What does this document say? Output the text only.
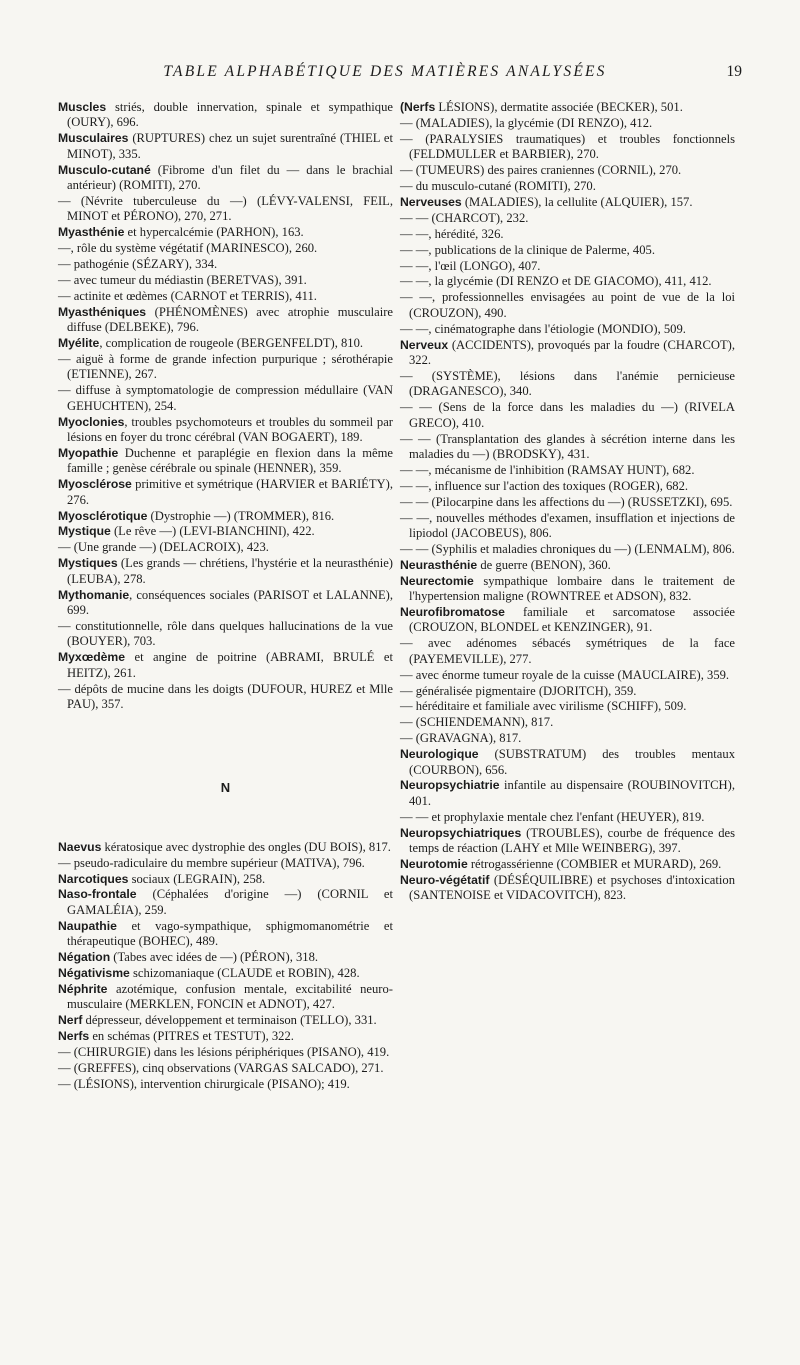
TABLE ALPHABÉTIQUE DES MATIÈRES ANALYSÉES	19

Muscles striés, double innervation, spinale et sympathique (OURY), 696.

Musculaires (RUPTURES) chez un sujet surentraîné (THIEL et MINOT), 335.

Musculo-cutané (Fibrome d'un filet du — dans le brachial antérieur) (ROMITI), 270.

— (Névrite tuberculeuse du —) (LÉVY-VALENSI, FEIL, MINOT et PÉRONO), 270, 271.

Myasthénie et hypercalcémie (PARHON), 163.

—, rôle du système végétatif (MARINESCO), 260.

— pathogénie (SÉZARY), 334.

— avec tumeur du médiastin (BERETVAS), 391.

— actinite et œdèmes (CARNOT et TERRIS), 411.

Myasthéniques (PHÉNOMÈNES) avec atrophie musculaire diffuse (DELBEKE), 796.

Myélite, complication de rougeole (BERGENFELDT), 810.

— aiguë à forme de grande infection purpurique ; sérothérapie (ETIENNE), 267.

— diffuse à symptomatologie de compression médullaire (VAN GEHUCHTEN), 254.

Myoclonies, troubles psychomoteurs et troubles du sommeil par lésions en foyer du tronc cérébral (VAN BOGAERT), 189.

Myopathie Duchenne et paraplégie en flexion dans la même famille ; genèse cérébrale ou spinale (HENNER), 359.

Myosclérose primitive et symétrique (HARVIER et BARIÉTY), 276.

Myosclérotique (Dystrophie —) (TROMMER), 816.

Mystique (Le rêve —) (LEVI-BIANCHINI), 422.

— (Une grande —) (DELACROIX), 423.

Mystiques (Les grands — chrétiens, l'hystérie et la neurasthénie) (LEUBA), 278.

Mythomanie, conséquences sociales (PARISOT et LALANNE), 699.

— constitutionnelle, rôle dans quelques hallucinations de la vue (BOUYER), 703.

Myxœdème et angine de poitrine (ABRAMI, BRULÉ et HEITZ), 261.

— dépôts de mucine dans les doigts (DUFOUR, HUREZ et Mlle PAU), 357.

N

Naevus kératosique avec dystrophie des ongles (DU BOIS), 817.

— pseudo-radiculaire du membre supérieur (MATIVA), 796.

Narcotiques sociaux (LEGRAIN), 258.

Naso-frontale (Céphalées d'origine —) (CORNIL et GAMALÉIA), 259.

Naupathie et vago-sympathique, sphigmomanométrie et thérapeutique (BOHEC), 489.

Négation (Tabes avec idées de —) (PÉRON), 318.

Négativisme schizomaniaque (CLAUDE et ROBIN), 428.

Néphrite azotémique, confusion mentale, excitabilité neuro-musculaire (MERKLEN, FONCIN et ADNOT), 427.

Nerf dépresseur, développement et terminaison (TELLO), 331.

Nerfs en schémas (PITRES et TESTUT), 322.

— (CHIRURGIE) dans les lésions périphériques (PISANO), 419.

— (GREFFES), cinq observations (VARGAS SALCADO), 271.

— (LÉSIONS), intervention chirurgicale (PISANO); 419.

(Nerfs LÉSIONS), dermatite associée (BECKER), 501.

— (MALADIES), la glycémie (DI RENZO), 412.

— (PARALYSIES traumatiques) et troubles fonctionnels (FELDMULLER et BARBIER), 270.

— (TUMEURS) des paires craniennes (CORNIL), 270.

— du musculo-cutané (ROMITI), 270.

Nerveuses (MALADIES), la cellulite (ALQUIER), 157.

— — (CHARCOT), 232.

— —, hérédité, 326.

— —, publications de la clinique de Palerme, 405.

— —, l'œil (LONGO), 407.

— —, la glycémie (DI RENZO et DE GIACOMO), 411, 412.

— —, professionnelles envisagées au point de vue de la loi (CROUZON), 490.

— —, cinématographe dans l'étiologie (MONDIO), 509.

Nerveux (ACCIDENTS), provoqués par la foudre (CHARCOT), 322.

— (SYSTÈME), lésions dans l'anémie pernicieuse (DRAGANESCO), 340.

— — (Sens de la force dans les maladies du —) (RIVELA GRECO), 410.

— — (Transplantation des glandes à sécrétion interne dans les maladies du —) (BRODSKY), 431.

— —, mécanisme de l'inhibition (RAMSAY HUNT), 682.

— —, influence sur l'action des toxiques (ROGER), 682.

— — (Pilocarpine dans les affections du —) (RUSSETZKI), 695.

— —, nouvelles méthodes d'examen, insufflation et injections de lipiodol (JACOBEUS), 806.

— — (Syphilis et maladies chroniques du —) (LENMALM), 806.

Neurasthénie de guerre (BENON), 360.

Neurectomie sympathique lombaire dans le traitement de l'hypertension maligne (ROWNTREE et ADSON), 832.

Neurofibromatose familiale et sarcomatose associée (CROUZON, BLONDEL et KENZINGER), 91.

— avec adénomes sébacés symétriques de la face (PAYEMEVILLE), 277.

— avec énorme tumeur royale de la cuisse (MAUCLAIRE), 359.

— généralisée pigmentaire (DJORITCH), 359.

— héréditaire et familiale avec virilisme (SCHIFF), 509.

— (SCHIENDEMANN), 817.

— (GRAVAGNA), 817.

Neurologique (SUBSTRATUM) des troubles mentaux (COURBON), 656.

Neuropsychiatrie infantile au dispensaire (ROUBINOVITCH), 401.

— — et prophylaxie mentale chez l'enfant (HEUYER), 819.

Neuropsychiatriques (TROUBLES), courbe de fréquence des temps de réaction (LAHY et Mlle WEINBERG), 397.

Neurotomie rétrogassérienne (COMBIER et MURARD), 269.

Neuro-végétatif (DÉSÉQUILIBRE) et psychoses d'intoxication (SANTENOISE et VIDACOVITCH), 823.
